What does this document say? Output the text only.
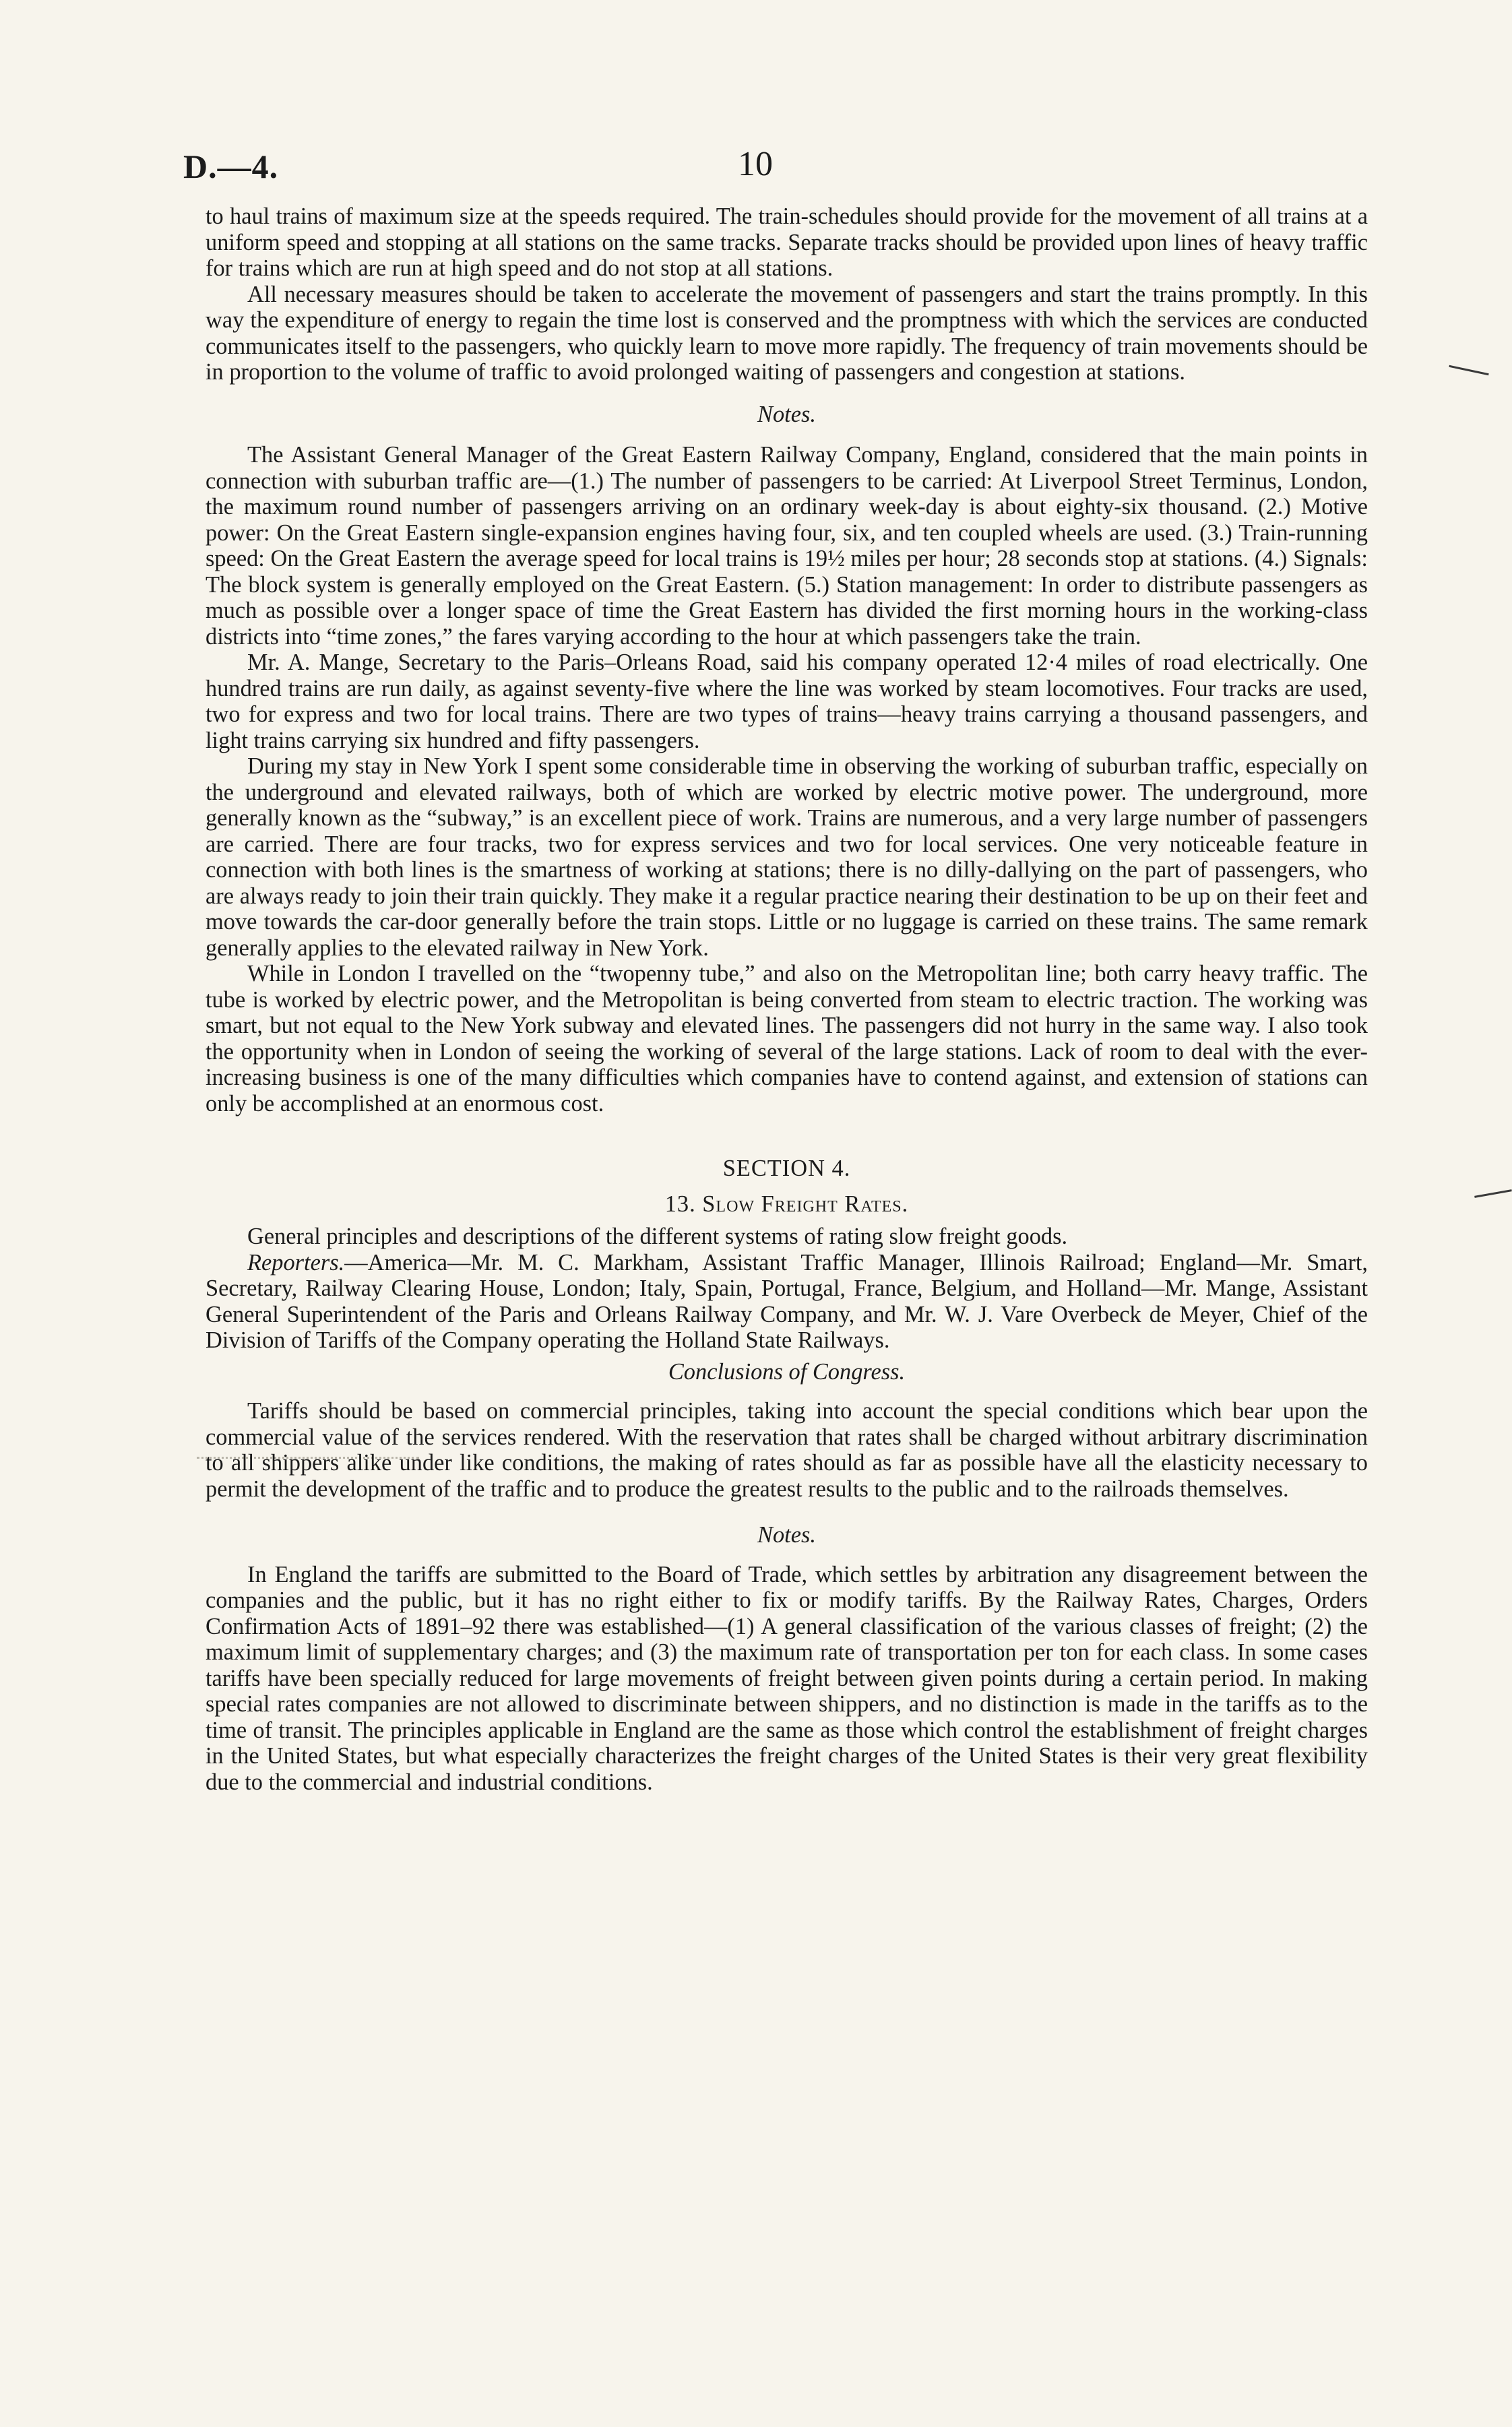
D.—4.	10

to haul trains of maximum size at the speeds required. The train-schedules should provide for the movement of all trains at a uniform speed and stopping at all stations on the same tracks. Separate tracks should be provided upon lines of heavy traffic for trains which are run at high speed and do not stop at all stations.

All necessary measures should be taken to accelerate the movement of passengers and start the trains promptly. In this way the expenditure of energy to regain the time lost is conserved and the promptness with which the services are conducted communicates itself to the passengers, who quickly learn to move more rapidly. The frequency of train movements should be in proportion to the volume of traffic to avoid prolonged waiting of passengers and congestion at stations.

Notes.

The Assistant General Manager of the Great Eastern Railway Company, England, considered that the main points in connection with suburban traffic are—(1.) The number of passengers to be carried: At Liverpool Street Terminus, London, the maximum round number of passengers arriving on an ordinary week-day is about eighty-six thousand. (2.) Motive power: On the Great Eastern single-expansion engines having four, six, and ten coupled wheels are used. (3.) Train-running speed: On the Great Eastern the average speed for local trains is 19½ miles per hour; 28 seconds stop at stations. (4.) Signals: The block system is generally employed on the Great Eastern. (5.) Station management: In order to distribute passengers as much as possible over a longer space of time the Great Eastern has divided the first morning hours in the working-class districts into “time zones,” the fares varying according to the hour at which passengers take the train.

Mr. A. Mange, Secretary to the Paris–Orleans Road, said his company operated 12·4 miles of road electrically. One hundred trains are run daily, as against seventy-five where the line was worked by steam locomotives. Four tracks are used, two for express and two for local trains. There are two types of trains—heavy trains carrying a thousand passengers, and light trains carrying six hundred and fifty passengers.

During my stay in New York I spent some considerable time in observing the working of suburban traffic, especially on the underground and elevated railways, both of which are worked by electric motive power. The underground, more generally known as the “subway,” is an excellent piece of work. Trains are numerous, and a very large number of passengers are carried. There are four tracks, two for express services and two for local services. One very noticeable feature in connection with both lines is the smartness of working at stations; there is no dilly-dallying on the part of passengers, who are always ready to join their train quickly. They make it a regular practice nearing their destination to be up on their feet and move towards the car-door generally before the train stops. Little or no luggage is carried on these trains. The same remark generally applies to the elevated railway in New York.

While in London I travelled on the “twopenny tube,” and also on the Metropolitan line; both carry heavy traffic. The tube is worked by electric power, and the Metropolitan is being converted from steam to electric traction. The working was smart, but not equal to the New York subway and elevated lines. The passengers did not hurry in the same way. I also took the opportunity when in London of seeing the working of several of the large stations. Lack of room to deal with the ever-increasing business is one of the many difficulties which companies have to contend against, and extension of stations can only be accomplished at an enormous cost.

SECTION 4.
13. Slow Freight Rates.

General principles and descriptions of the different systems of rating slow freight goods.

Reporters.—America—Mr. M. C. Markham, Assistant Traffic Manager, Illinois Railroad; England—Mr. Smart, Secretary, Railway Clearing House, London; Italy, Spain, Portugal, France, Belgium, and Holland—Mr. Mange, Assistant General Superintendent of the Paris and Orleans Railway Company, and Mr. W. J. Vare Overbeck de Meyer, Chief of the Division of Tariffs of the Company operating the Holland State Railways.

Conclusions of Congress.

Tariffs should be based on commercial principles, taking into account the special conditions which bear upon the commercial value of the services rendered. With the reservation that rates shall be charged without arbitrary discrimination to all shippers alike under like conditions, the making of rates should as far as possible have all the elasticity necessary to permit the development of the traffic and to produce the greatest results to the public and to the railroads themselves.

Notes.

In England the tariffs are submitted to the Board of Trade, which settles by arbitration any disagreement between the companies and the public, but it has no right either to fix or modify tariffs. By the Railway Rates, Charges, Orders Confirmation Acts of 1891–92 there was established—(1) A general classification of the various classes of freight; (2) the maximum limit of supplementary charges; and (3) the maximum rate of transportation per ton for each class. In some cases tariffs have been specially reduced for large movements of freight between given points during a certain period. In making special rates companies are not allowed to discriminate between shippers, and no distinction is made in the tariffs as to the time of transit. The principles applicable in England are the same as those which control the establishment of freight charges in the United States, but what especially characterizes the freight charges of the United States is their very great flexibility due to the commercial and industrial conditions.
